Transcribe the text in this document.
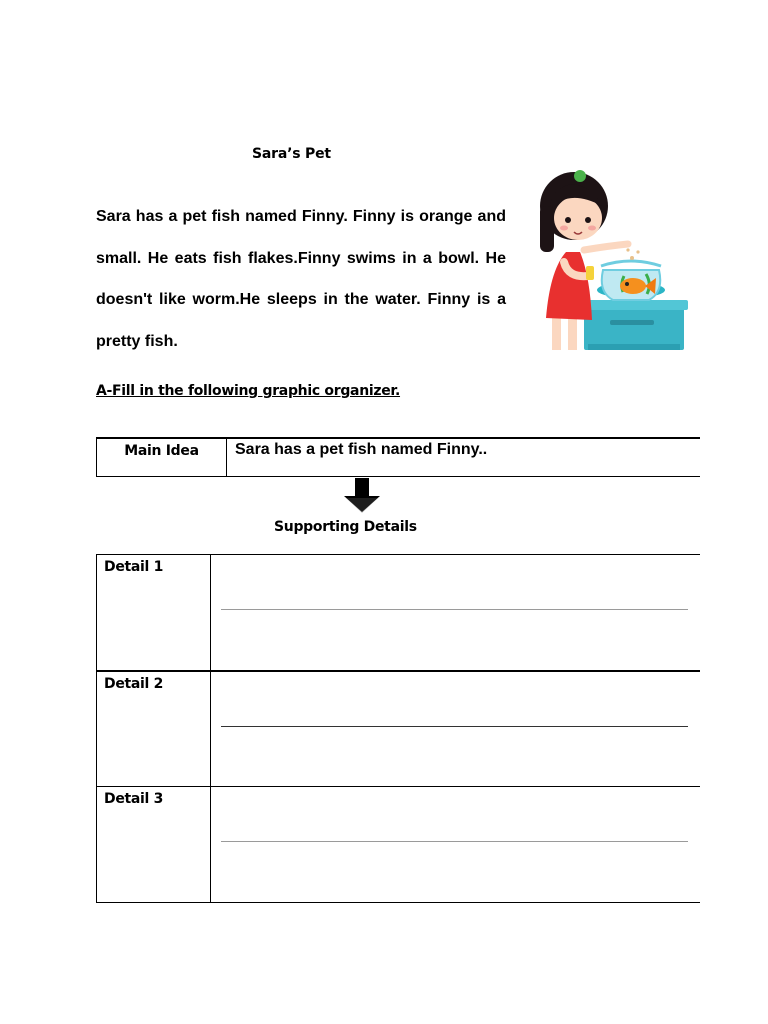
Sara’s Pet
Sara has a pet fish named Finny. Finny is orange and small. He eats fish flakes.Finny swims in a bowl. He doesn't like worm.He sleeps in the water. Finny is a pretty fish.
A-Fill in the following graphic organizer.
Main Idea	Sara has a pet fish named Finny..
Supporting Details
Detail 1
Detail 2
Detail 3
